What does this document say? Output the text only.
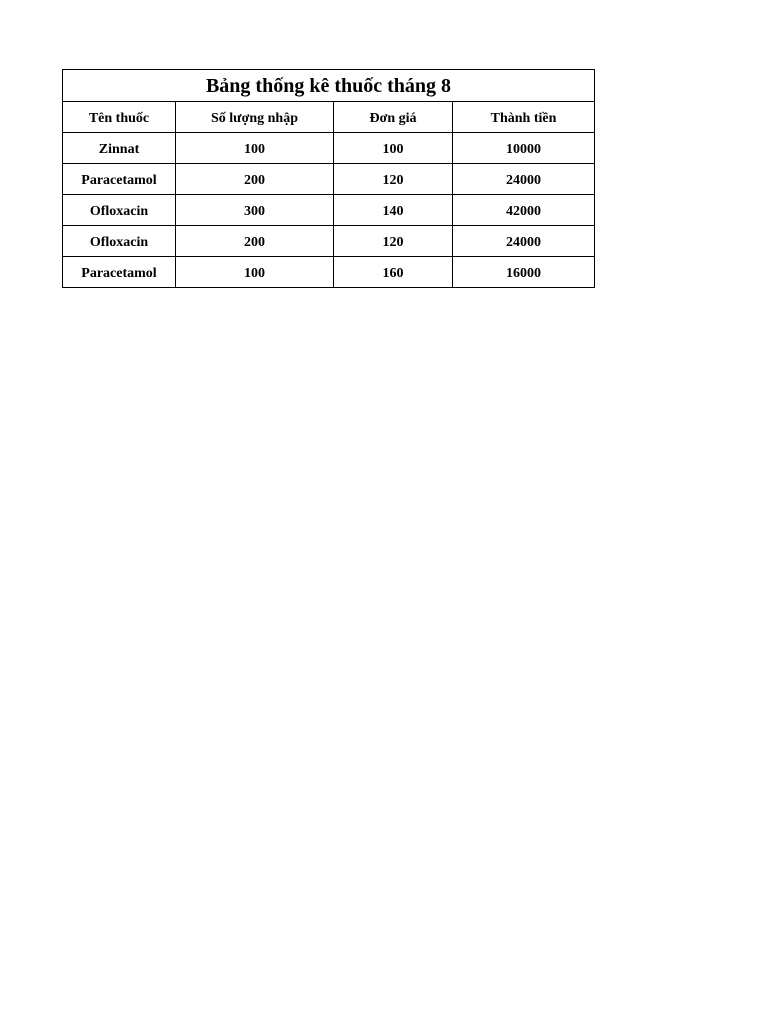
Bảng thống kê thuốc tháng 8			
Tên thuốc	Số lượng nhập	Đơn giá	Thành tiền
Zinnat	100	100	10000
Paracetamol	200	120	24000
Ofloxacin	300	140	42000
Ofloxacin	200	120	24000
Paracetamol	100	160	16000
